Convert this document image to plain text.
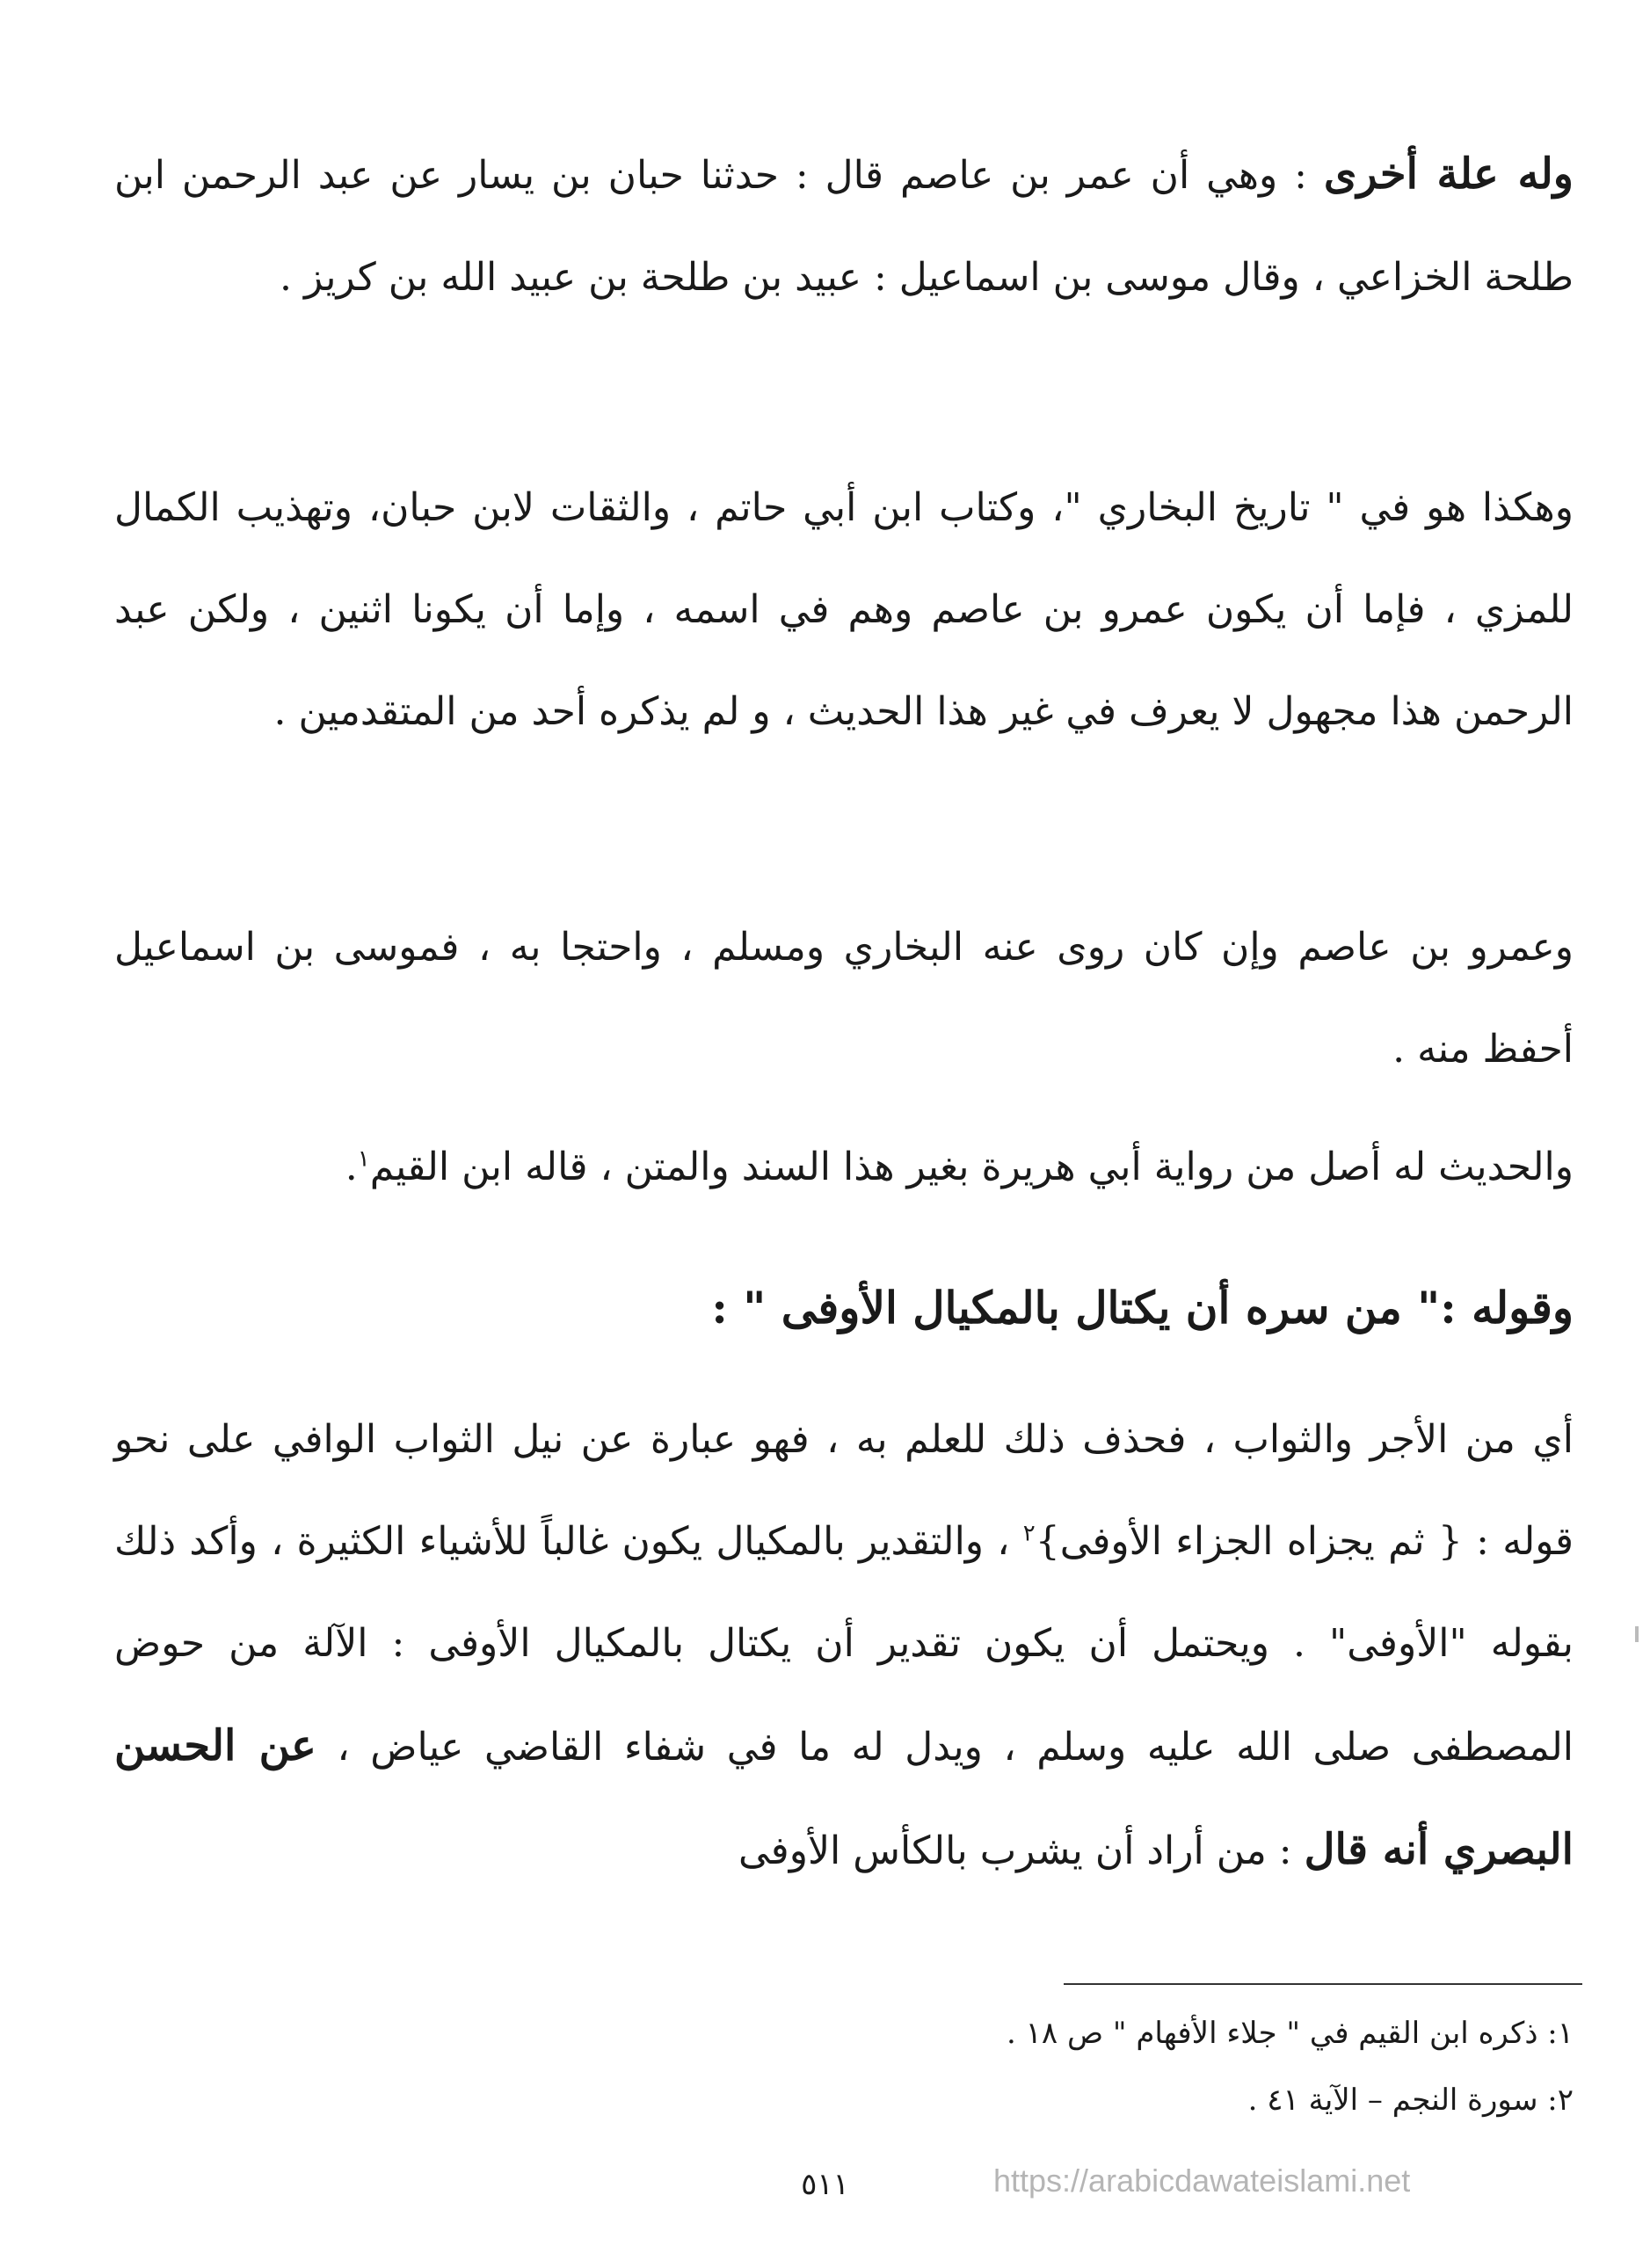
وله علة أخرى : وهي أن عمر بن عاصم قال : حدثنا حبان بن يسار عن عبد الرحمن ابن طلحة الخزاعي ، وقال موسى بن اسماعيل : عبيد بن طلحة بن عبيد الله بن كريز .

وهكذا هو في " تاريخ البخاري "، وكتاب ابن أبي حاتم ، والثقات لابن حبان، وتهذيب الكمال للمزي ، فإما أن يكون عمرو بن عاصم وهم في اسمه ، وإما أن يكونا اثنين ، ولكن عبد الرحمن هذا مجهول لا يعرف في غير هذا الحديث ، و لم يذكره أحد من المتقدمين .

وعمرو بن عاصم وإن كان روى عنه البخاري ومسلم ، واحتجا به ، فموسى بن اسماعيل أحفظ منه .

والحديث له أصل من رواية أبي هريرة بغير هذا السند والمتن ، قاله ابن القيم$^١$.

وقوله :" من سره أن يكتال بالمكيال الأوفى " :

أي من الأجر والثواب ، فحذف ذلك للعلم به ، فهو عبارة عن نيل الثواب الوافي على نحو قوله : { ثم يجزاه الجزاء الأوفى}$^٢$ ، والتقدير بالمكيال يكون غالباً للأشياء الكثيرة ، وأكد ذلك بقوله "الأوفى" . ويحتمل أن يكون تقدير أن يكتال بالمكيال الأوفى : الآلة من حوض المصطفى صلى الله عليه وسلم ، ويدل له ما في شفاء القاضي عياض ، عن الحسن البصري أنه قال : من أراد أن يشرب بالكأس الأوفى

١: ذكره ابن القيم في " جلاء الأفهام " ص ١٨ .
٢: سورة النجم – الآية ٤١ .
٥١١	https://arabicdawateislami.net
